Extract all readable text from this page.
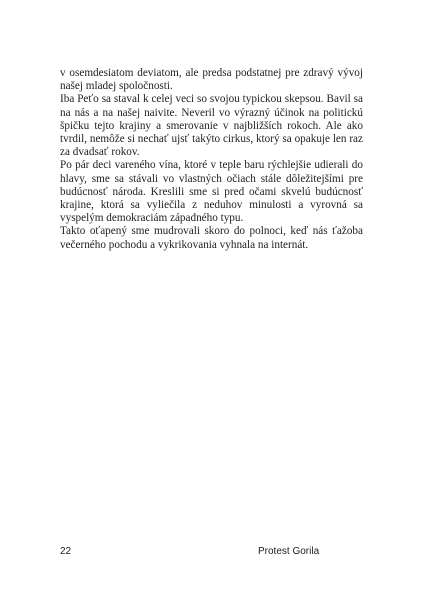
v osemdesiatom deviatom, ale predsa podstatnej pre zdravý vývoj našej mladej spoločnosti.

Iba Peťo sa staval k celej veci so svojou typickou skepsou. Bavil sa na nás a na našej naivite. Neveril vo výrazný účinok na politickú špičku tejto krajiny a smerovanie v najbližších rokoch. Ale ako tvrdil, nemôže si nechať ujsť takýto cirkus, ktorý sa opakuje len raz za dvadsať rokov.

Po pár deci vareného vína, ktoré v teple baru rýchlejšie udierali do hlavy, sme sa stávali vo vlastných očiach stále dôležitejšími pre budúcnosť národa. Kreslili sme si pred očami skvelú budúcnosť krajine, ktorá sa vyliečila z neduhov minulosti a vyrovná sa vyspelým demokraciám západného typu.

Takto oťapený sme mudrovali skoro do polnoci, keď nás ťažoba večerného pochodu a vykrikovania vyhnala na internát.

22	Protest Gorila
